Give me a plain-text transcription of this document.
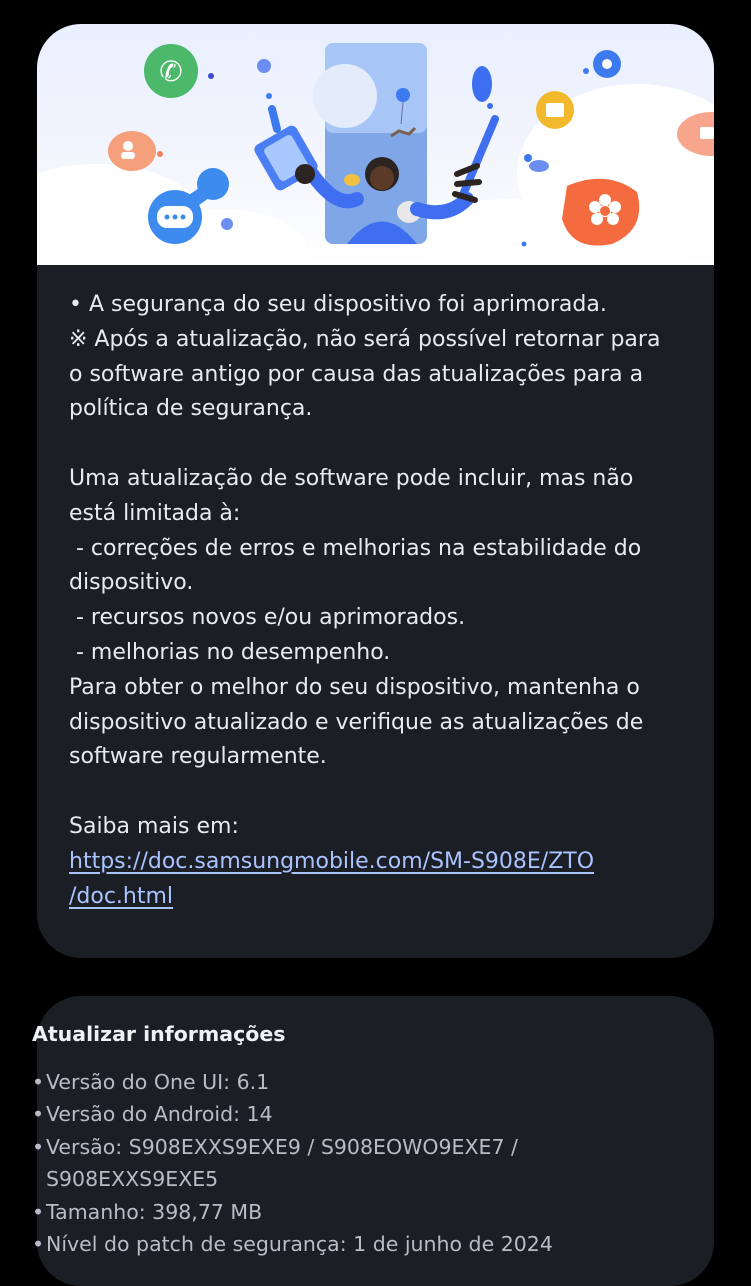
✆

• A segurança do seu dispositivo foi aprimorada.

※ Após a atualização, não será possível retornar para

o software antigo por causa das atualizações para a

política de segurança.

Uma atualização de software pode incluir, mas não

está limitada à:

- correções de erros e melhorias na estabilidade do

dispositivo.

- recursos novos e/ou aprimorados.

- melhorias no desempenho.

Para obter o melhor do seu dispositivo, mantenha o

dispositivo atualizado e verifique as atualizações de

software regularmente.

Saiba mais em:

https://doc.samsungmobile.com/SM-S908E/ZTO

/doc.html

Atualizar informações
•Versão do One UI: 6.1
•Versão do Android: 14
•Versão: S908EXXS9EXE9 / S908EOWO9EXE7 /
S908EXXS9EXE5
•Tamanho: 398,77 MB
•Nível do patch de segurança: 1 de junho de 2024
